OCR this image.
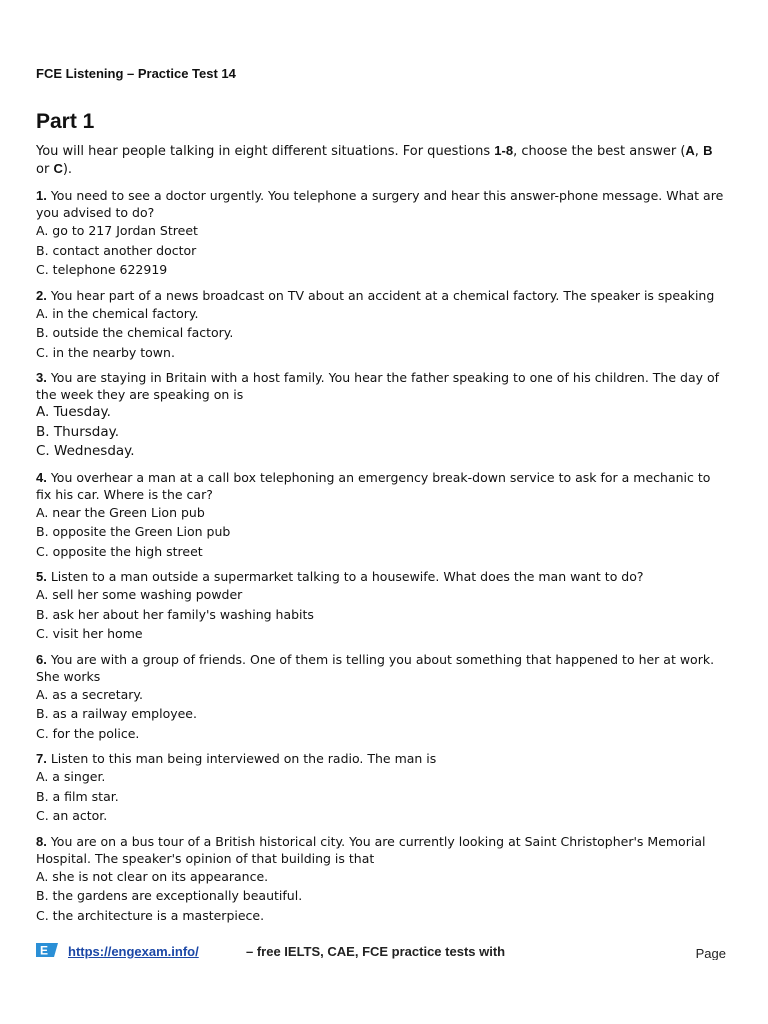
FCE Listening – Practice Test 14
Part 1

You will hear people talking in eight different situations. For questions 1-8, choose the best answer (A, B or C).

1. You need to see a doctor urgently. You telephone a surgery and hear this answer-phone message. What are you advised to do?
A. go to 217 Jordan Street
B. contact another doctor
C. telephone 622919
2. You hear part of a news broadcast on TV about an accident at a chemical factory. The speaker is speaking
A. in the chemical factory.
B. outside the chemical factory.
C. in the nearby town.
3. You are staying in Britain with a host family. You hear the father speaking to one of his children. The day of the week they are speaking on is
A. Tuesday.
B. Thursday.
C. Wednesday.
4. You overhear a man at a call box telephoning an emergency break-down service to ask for a mechanic to fix his car. Where is the car?
A. near the Green Lion pub
B. opposite the Green Lion pub
C. opposite the high street
5. Listen to a man outside a supermarket talking to a housewife. What does the man want to do?
A. sell her some washing powder
B. ask her about her family's washing habits
C. visit her home
6. You are with a group of friends. One of them is telling you about something that happened to her at work. She works
A. as a secretary.
B. as a railway employee.
C. for the police.
7. Listen to this man being interviewed on the radio. The man is
A. a singer.
B. a film star.
C. an actor.
8. You are on a bus tour of a British historical city. You are currently looking at Saint Christopher's Memorial Hospital. The speaker's opinion of that building is that
A. she is not clear on its appearance.
B. the gardens are exceptionally beautiful.
C. the architecture is a masterpiece.
E https://engexam.info/	– free IELTS, CAE, FCE practice tests with	Page
